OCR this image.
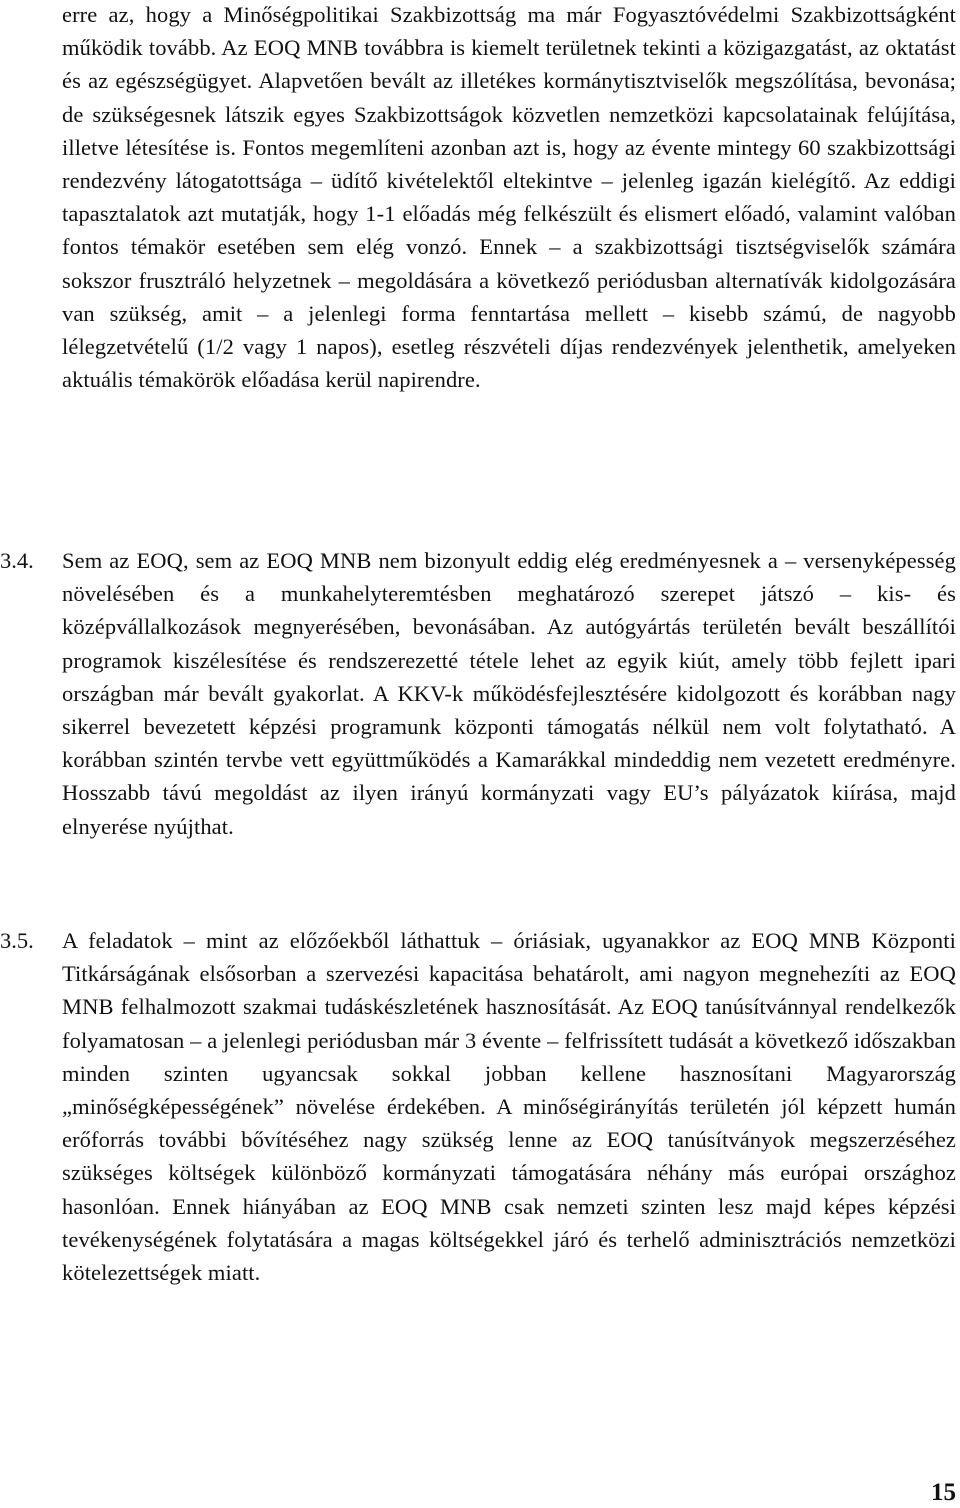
erre az, hogy a Minőségpolitikai Szakbizottság ma már Fogyasztóvédelmi Szakbizottságként működik tovább. Az EOQ MNB továbbra is kiemelt területnek tekinti a közigazgatást, az oktatást és az egészségügyet. Alapvetően bevált az illetékes kormánytisztviselők megszólítása, bevonása; de szükségesnek látszik egyes Szakbizottságok közvetlen nemzetközi kapcsolatainak felújítása, illetve létesítése is. Fontos megemlíteni azonban azt is, hogy az évente mintegy 60 szakbizottsági rendezvény látogatottsága – üdítő kivételektől eltekintve – jelenleg igazán kielégítő. Az eddigi tapasztalatok azt mutatják, hogy 1-1 előadás még felkészült és elismert előadó, valamint valóban fontos témakör esetében sem elég vonzó. Ennek – a szakbizottsági tisztségviselők számára sokszor frusztráló helyzetnek – megoldására a következő periódusban alternatívák kidolgozására van szükség, amit – a jelenlegi forma fenntartása mellett – kisebb számú, de nagyobb lélegzetvételű (1/2 vagy 1 napos), esetleg részvételi díjas rendezvények jelenthetik, amelyeken aktuális témakörök előadása kerül napirendre.

3.4. Sem az EOQ, sem az EOQ MNB nem bizonyult eddig elég eredményesnek a – versenyképesség növelésében és a munkahelyteremtésben meghatározó szerepet játszó – kis- és középvállalkozások megnyerésében, bevonásában. Az autógyártás területén bevált beszállítói programok kiszélesítése és rendszerezetté tétele lehet az egyik kiút, amely több fejlett ipari országban már bevált gyakorlat. A KKV-k működésfejlesztésére kidolgozott és korábban nagy sikerrel bevezetett képzési programunk központi támogatás nélkül nem volt folytatható. A korábban szintén tervbe vett együttműködés a Kamarákkal mindeddig nem vezetett eredményre. Hosszabb távú megoldást az ilyen irányú kormányzati vagy EU’s pályázatok kiírása, majd elnyerése nyújthat.

3.5. A feladatok – mint az előzőekből láthattuk – óriásiak, ugyanakkor az EOQ MNB Központi Titkárságának elsősorban a szervezési kapacitása behatárolt, ami nagyon megnehezíti az EOQ MNB felhalmozott szakmai tudáskészletének hasznosítását. Az EOQ tanúsítvánnyal rendelkezők folyamatosan – a jelenlegi periódusban már 3 évente – felfrissített tudását a következő időszakban minden szinten ugyancsak sokkal jobban kellene hasznosítani Magyarország „minőségképességének” növelése érdekében. A minőségirányítás területén jól képzett humán erőforrás további bővítéséhez nagy szükség lenne az EOQ tanúsítványok megszerzéséhez szükséges költségek különböző kormányzati támogatására néhány más európai országhoz hasonlóan. Ennek hiányában az EOQ MNB csak nemzeti szinten lesz majd képes képzési tevékenységének folytatására a magas költségekkel járó és terhelő adminisztrációs nemzetközi kötelezettségek miatt.

15
